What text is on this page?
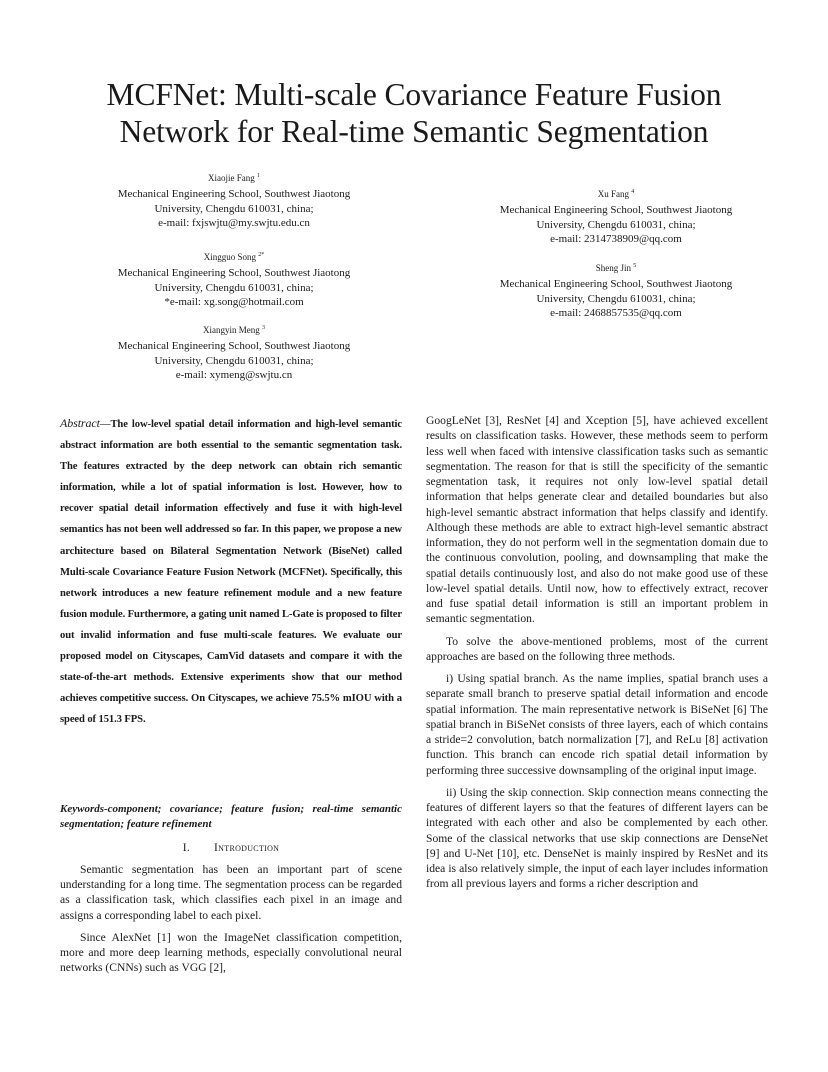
MCFNet: Multi-scale Covariance Feature Fusion
Network for Real-time Semantic Segmentation
Xiaojie Fang $^1$
Mechanical Engineering School, Southwest Jiaotong
University, Chengdu 610031, china;
e-mail: fxjswjtu@my.swjtu.edu.cn
Xingguo Song $^{2*}$
Mechanical Engineering School, Southwest Jiaotong
University, Chengdu 610031, china;
*e-mail: xg.song@hotmail.com
Xiangyin Meng $^3$
Mechanical Engineering School, Southwest Jiaotong
University, Chengdu 610031, china;
e-mail: xymeng@swjtu.cn
Xu Fang $^4$
Mechanical Engineering School, Southwest Jiaotong
University, Chengdu 610031, china;
e-mail: 2314738909@qq.com
Sheng Jin $^5$
Mechanical Engineering School, Southwest Jiaotong
University, Chengdu 610031, china;
e-mail: 2468857535@qq.com
Abstract—The low-level spatial detail information and high-level semantic abstract information are both essential to the semantic segmentation task. The features extracted by the deep network can obtain rich semantic information, while a lot of spatial information is lost. However, how to recover spatial detail information effectively and fuse it with high-level semantics has not been well addressed so far. In this paper, we propose a new architecture based on Bilateral Segmentation Network (BiseNet) called Multi-scale Covariance Feature Fusion Network (MCFNet). Specifically, this network introduces a new feature refinement module and a new feature fusion module. Furthermore, a gating unit named L-Gate is proposed to filter out invalid information and fuse multi-scale features. We evaluate our proposed model on Cityscapes, CamVid datasets and compare it with the state-of-the-art methods. Extensive experiments show that our method achieves competitive success. On Cityscapes, we achieve 75.5% mIOU with a speed of 151.3 FPS.
Keywords-component; covariance; feature fusion; real-time semantic segmentation; feature refinement
I. Introduction

Semantic segmentation has been an important part of scene understanding for a long time. The segmentation process can be regarded as a classification task, which classifies each pixel in an image and assigns a corresponding label to each pixel.

Since AlexNet [1] won the ImageNet classification competition, more and more deep learning methods, especially convolutional neural networks (CNNs) such as VGG [2],

GoogLeNet [3], ResNet [4] and Xception [5], have achieved excellent results on classification tasks. However, these methods seem to perform less well when faced with intensive classification tasks such as semantic segmentation. The reason for that is still the specificity of the semantic segmentation task, it requires not only low-level spatial detail information that helps generate clear and detailed boundaries but also high-level semantic abstract information that helps classify and identify. Although these methods are able to extract high-level semantic abstract information, they do not perform well in the segmentation domain due to the continuous convolution, pooling, and downsampling that make the spatial details continuously lost, and also do not make good use of these low-level spatial details. Until now, how to effectively extract, recover and fuse spatial detail information is still an important problem in semantic segmentation.

To solve the above-mentioned problems, most of the current approaches are based on the following three methods.

i) Using spatial branch. As the name implies, spatial branch uses a separate small branch to preserve spatial detail information and encode spatial information. The main representative network is BiSeNet [6] The spatial branch in BiSeNet consists of three layers, each of which contains a stride=2 convolution, batch normalization [7], and ReLu [8] activation function. This branch can encode rich spatial detail information by performing three successive downsampling of the original input image.

ii) Using the skip connection. Skip connection means connecting the features of different layers so that the features of different layers can be integrated with each other and also be complemented by each other. Some of the classical networks that use skip connections are DenseNet [9] and U-Net [10], etc. DenseNet is mainly inspired by ResNet and its idea is also relatively simple, the input of each layer includes information from all previous layers and forms a richer description and
